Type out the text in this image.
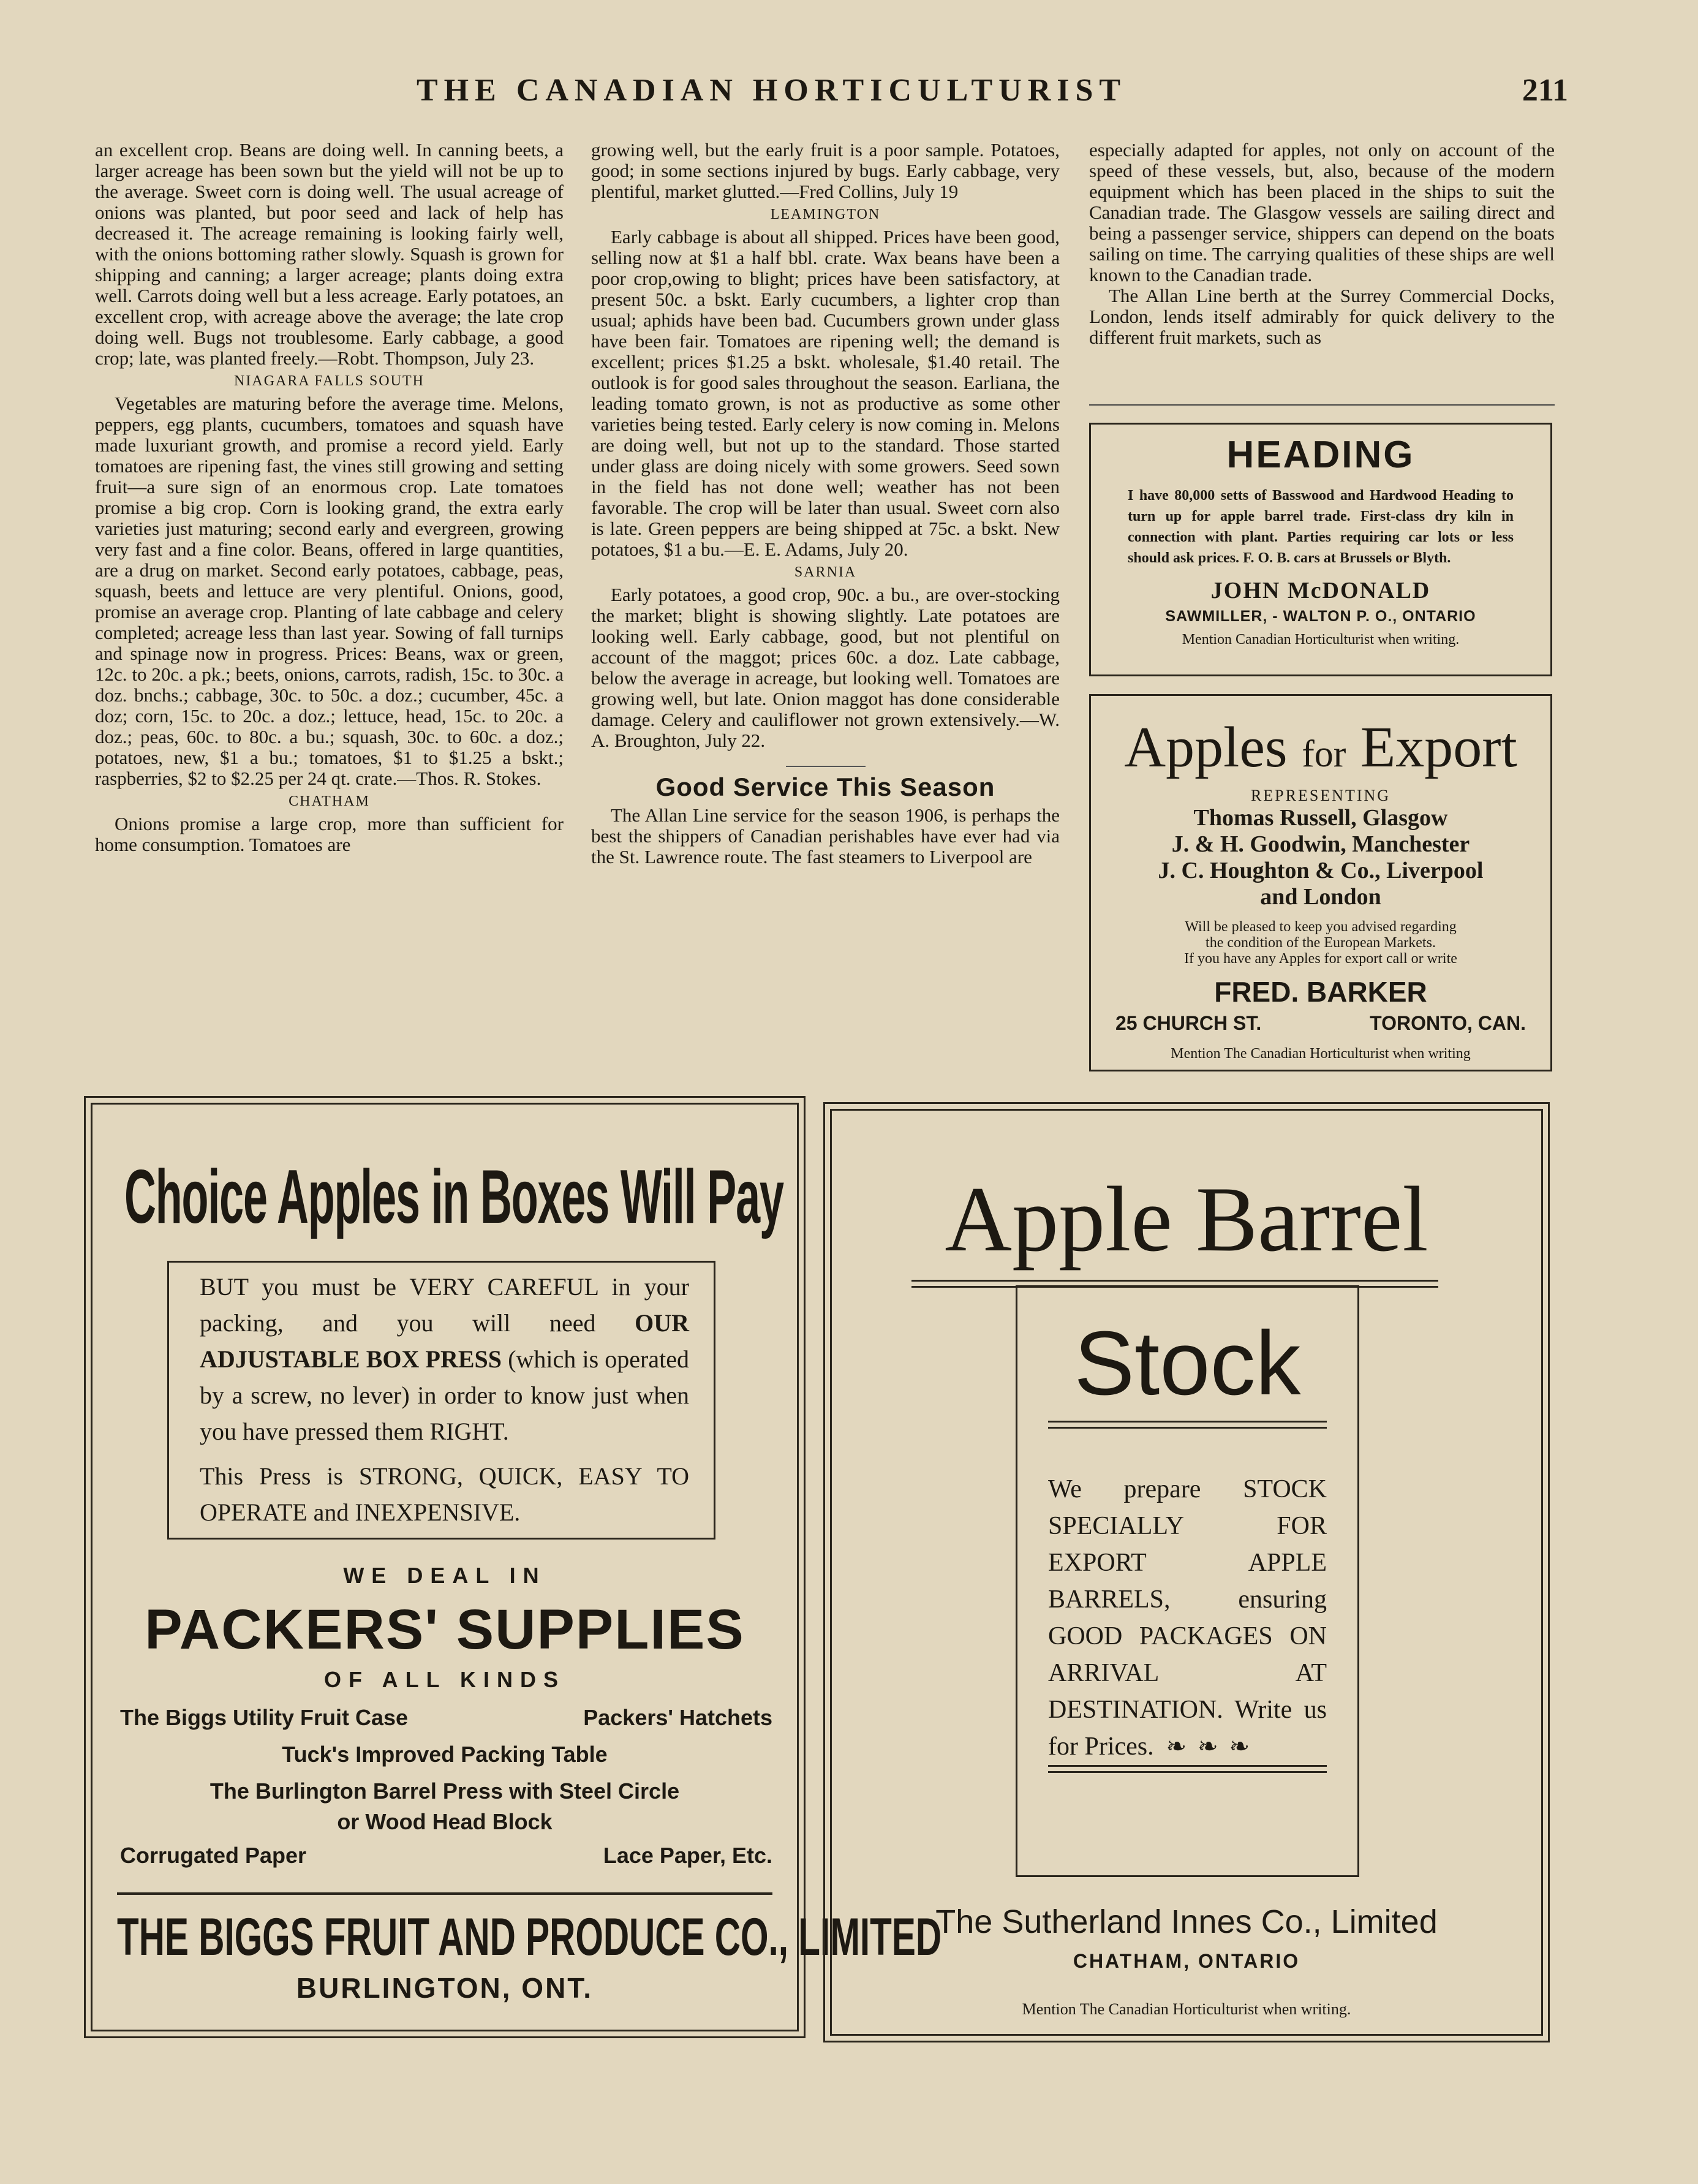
THE CANADIAN HORTICULTURIST	211

an excellent crop. Beans are doing well. In canning beets, a larger acreage has been sown but the yield will not be up to the average. Sweet corn is doing well. The usual acreage of onions was planted, but poor seed and lack of help has decreased it. The acreage remaining is looking fairly well, with the onions bottoming rather slowly. Squash is grown for shipping and canning; a larger acreage; plants doing extra well. Carrots doing well but a less acreage. Early potatoes, an excellent crop, with acreage above the average; the late crop doing well. Bugs not troublesome. Early cabbage, a good crop; late, was planted freely.—Robt. Thompson, July 23.

NIAGARA FALLS SOUTH

Vegetables are maturing before the average time. Melons, peppers, egg plants, cucumbers, tomatoes and squash have made luxuriant growth, and promise a record yield. Early tomatoes are ripening fast, the vines still growing and setting fruit—a sure sign of an enormous crop. Late tomatoes promise a big crop. Corn is looking grand, the extra early varieties just maturing; second early and evergreen, growing very fast and a fine color. Beans, offered in large quantities, are a drug on market. Second early potatoes, cabbage, peas, squash, beets and lettuce are very plentiful. Onions, good, promise an average crop. Planting of late cabbage and celery completed; acreage less than last year. Sowing of fall turnips and spinage now in progress. Prices: Beans, wax or green, 12c. to 20c. a pk.; beets, onions, carrots, radish, 15c. to 30c. a doz. bnchs.; cabbage, 30c. to 50c. a doz.; cucumber, 45c. a doz; corn, 15c. to 20c. a doz.; lettuce, head, 15c. to 20c. a doz.; peas, 60c. to 80c. a bu.; squash, 30c. to 60c. a doz.; potatoes, new, $1 a bu.; tomatoes, $1 to $1.25 a bskt.; raspberries, $2 to $2.25 per 24 qt. crate.—Thos. R. Stokes.

CHATHAM

Onions promise a large crop, more than sufficient for home consumption. Tomatoes are

growing well, but the early fruit is a poor sample. Potatoes, good; in some sections injured by bugs. Early cabbage, very plentiful, market glutted.—Fred Collins, July 19

LEAMINGTON

Early cabbage is about all shipped. Prices have been good, selling now at $1 a half bbl. crate. Wax beans have been a poor crop,owing to blight; prices have been satisfactory, at present 50c. a bskt. Early cucumbers, a lighter crop than usual; aphids have been bad. Cucumbers grown under glass have been fair. Tomatoes are ripening well; the demand is excellent; prices $1.25 a bskt. wholesale, $1.40 retail. The outlook is for good sales throughout the season. Earliana, the leading tomato grown, is not as productive as some other varieties being tested. Early celery is now coming in. Melons are doing well, but not up to the standard. Those started under glass are doing nicely with some growers. Seed sown in the field has not done well; weather has not been favorable. The crop will be later than usual. Sweet corn also is late. Green peppers are being shipped at 75c. a bskt. New potatoes, $1 a bu.—E. E. Adams, July 20.

SARNIA

Early potatoes, a good crop, 90c. a bu., are over-stocking the market; blight is showing slightly. Late potatoes are looking well. Early cabbage, good, but not plentiful on account of the maggot; prices 60c. a doz. Late cabbage, below the average in acreage, but looking well. Tomatoes are growing well, but late. Onion maggot has done considerable damage. Celery and cauliflower not grown extensively.—W. A. Broughton, July 22.

Good Service This Season

The Allan Line service for the season 1906, is perhaps the best the shippers of Canadian perishables have ever had via the St. Lawrence route. The fast steamers to Liverpool are

especially adapted for apples, not only on account of the speed of these vessels, but, also, because of the modern equipment which has been placed in the ships to suit the Canadian trade. The Glasgow vessels are sailing direct and being a passenger service, shippers can depend on the boats sailing on time. The carrying qualities of these ships are well known to the Canadian trade.

The Allan Line berth at the Surrey Commercial Docks, London, lends itself admirably for quick delivery to the different fruit markets, such as

HEADING
I have 80,000 setts of Basswood and Hardwood Heading to turn up for apple barrel trade. First-class dry kiln in connection with plant. Parties requiring car lots or less should ask prices. F. O. B. cars at Brussels or Blyth.
JOHN McDONALD
SAWMILLER, - WALTON P. O., ONTARIO
Mention Canadian Horticulturist when writing.
Apples for Export
REPRESENTING
Thomas Russell, Glasgow
J. & H. Goodwin, Manchester
J. C. Houghton & Co., Liverpool
and London
Will be pleased to keep you advised regarding
the condition of the European Markets.
If you have any Apples for export call or write
FRED. BARKER
25 CHURCH ST.	TORONTO, CAN.
Mention The Canadian Horticulturist when writing
Choice Apples in Boxes Will Pay

BUT you must be VERY CAREFUL in your packing, and you will need OUR ADJUSTABLE BOX PRESS (which is operated by a screw, no lever) in order to know just when you have pressed them RIGHT.

This Press is STRONG, QUICK, EASY TO OPERATE and INEXPENSIVE.

WE DEAL IN
PACKERS' SUPPLIES
OF ALL KINDS
The Biggs Utility Fruit Case	Packers' Hatchets
Tuck's Improved Packing Table
The Burlington Barrel Press with Steel Circle
or Wood Head Block
Corrugated Paper	Lace Paper, Etc.
THE BIGGS FRUIT AND PRODUCE CO., LIMITED
BURLINGTON, ONT.
Apple Barrel
Stock
We prepare STOCK SPECIALLY FOR EXPORT APPLE BARRELS, ensuring GOOD PACKAGES ON ARRIVAL AT DESTINATION. Write us for Prices. ❧❧❧
The Sutherland Innes Co., Limited
CHATHAM, ONTARIO
Mention The Canadian Horticulturist when writing.
